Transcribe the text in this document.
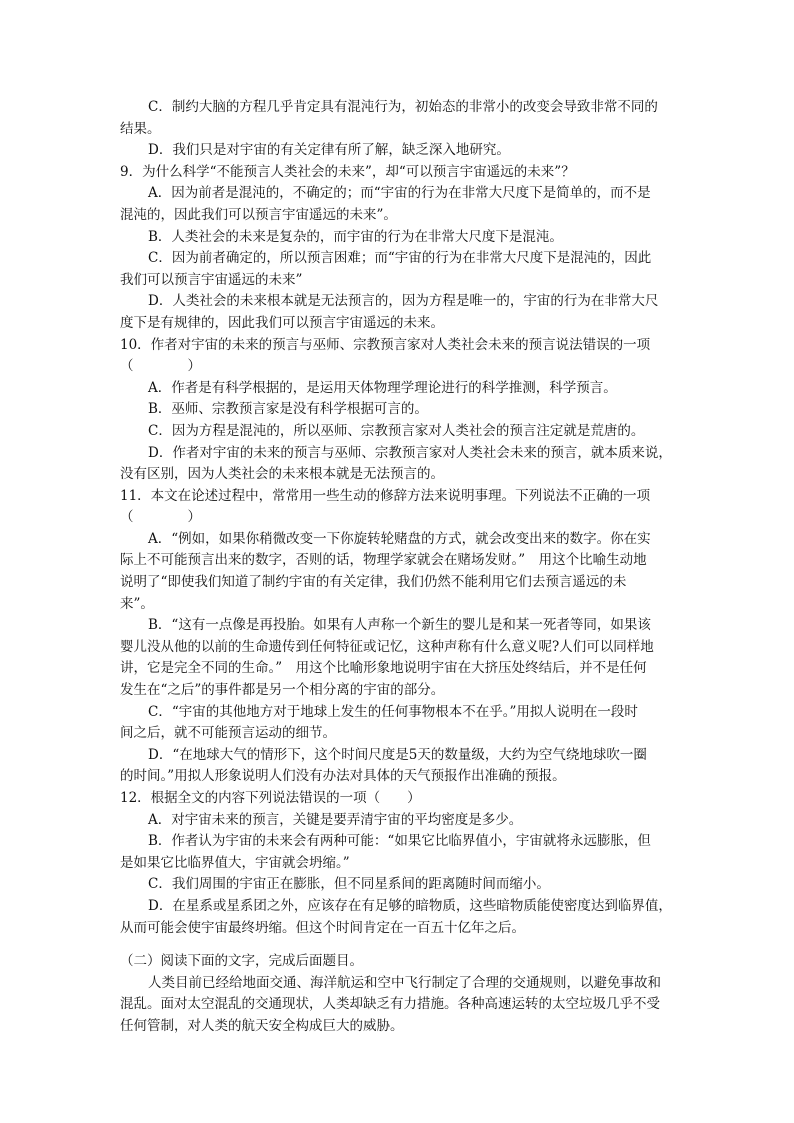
C．制约大脑的方程几乎肯定具有混沌行为，初始态的非常小的改变会导致非常不同的
结果。
D．我们只是对宇宙的有关定律有所了解，缺乏深入地研究。
9．为什么科学“不能预言人类社会的未来”，却“可以预言宇宙遥远的未来”？
A．因为前者是混沌的，不确定的；而“宇宙的行为在非常大尺度下是简单的，而不是
混沌的，因此我们可以预言宇宙遥远的未来”。
B．人类社会的未来是复杂的，而宇宙的行为在非常大尺度下是混沌。
C．因为前者确定的，所以预言困难；而“宇宙的行为在非常大尺度下是混沌的，因此
我们可以预言宇宙遥远的未来”
D．人类社会的未来根本就是无法预言的，因为方程是唯一的，宇宙的行为在非常大尺
度下是有规律的，因此我们可以预言宇宙遥远的未来。
10．作者对宇宙的未来的预言与巫师、宗教预言家对人类社会未来的预言说法错误的一项
（　　　　）
A．作者是有科学根据的，是运用天体物理学理论进行的科学推测，科学预言。
B．巫师、宗教预言家是没有科学根据可言的。
C．因为方程是混沌的，所以巫师、宗教预言家对人类社会的预言注定就是荒唐的。
D．作者对宇宙的未来的预言与巫师、宗教预言家对人类社会未来的预言，就本质来说，
没有区别，因为人类社会的未来根本就是无法预言的。
11．本文在论述过程中，常常用一些生动的修辞方法来说明事理。下列说法不正确的一项
（　　　　）
A．“例如，如果你稍微改变一下你旋转轮赌盘的方式，就会改变出来的数字。你在实
际上不可能预言出来的数字，否则的话，物理学家就会在赌场发财。”　用这个比喻生动地
说明了“即使我们知道了制约宇宙的有关定律，我们仍然不能利用它们去预言遥远的未
来”。
B．“这有一点像是再投胎。如果有人声称一个新生的婴儿是和某一死者等同，如果该
婴儿没从他的以前的生命遗传到任何特征或记忆，这种声称有什么意义呢?人们可以同样地
讲，它是完全不同的生命。”　用这个比喻形象地说明宇宙在大挤压处终结后，并不是任何
发生在“之后”的事件都是另一个相分离的宇宙的部分。
C．“宇宙的其他地方对于地球上发生的任何事物根本不在乎。”用拟人说明在一段时
间之后，就不可能预言运动的细节。
D．“在地球大气的情形下，这个时间尺度是5天的数量级，大约为空气绕地球吹一圈
的时间。”用拟人形象说明人们没有办法对具体的天气预报作出准确的预报。
12．根据全文的内容下列说法错误的一项（　　）
A．对宇宙未来的预言，关键是要弄清宇宙的平均密度是多少。
B．作者认为宇宙的未来会有两种可能：“如果它比临界值小，宇宙就将永远膨胀，但
是如果它比临界值大，宇宙就会坍缩。”
C．我们周围的宇宙正在膨胀，但不同星系间的距离随时间而缩小。
D．在星系或星系团之外，应该存在有足够的暗物质，这些暗物质能使密度达到临界值，
从而可能会使宇宙最终坍缩。但这个时间肯定在一百五十亿年之后。
（二）阅读下面的文字，完成后面题目。
人类目前已经给地面交通、海洋航运和空中飞行制定了合理的交通规则，以避免事故和
混乱。面对太空混乱的交通现状，人类却缺乏有力措施。各种高速运转的太空垃圾几乎不受
任何管制，对人类的航天安全构成巨大的威胁。
